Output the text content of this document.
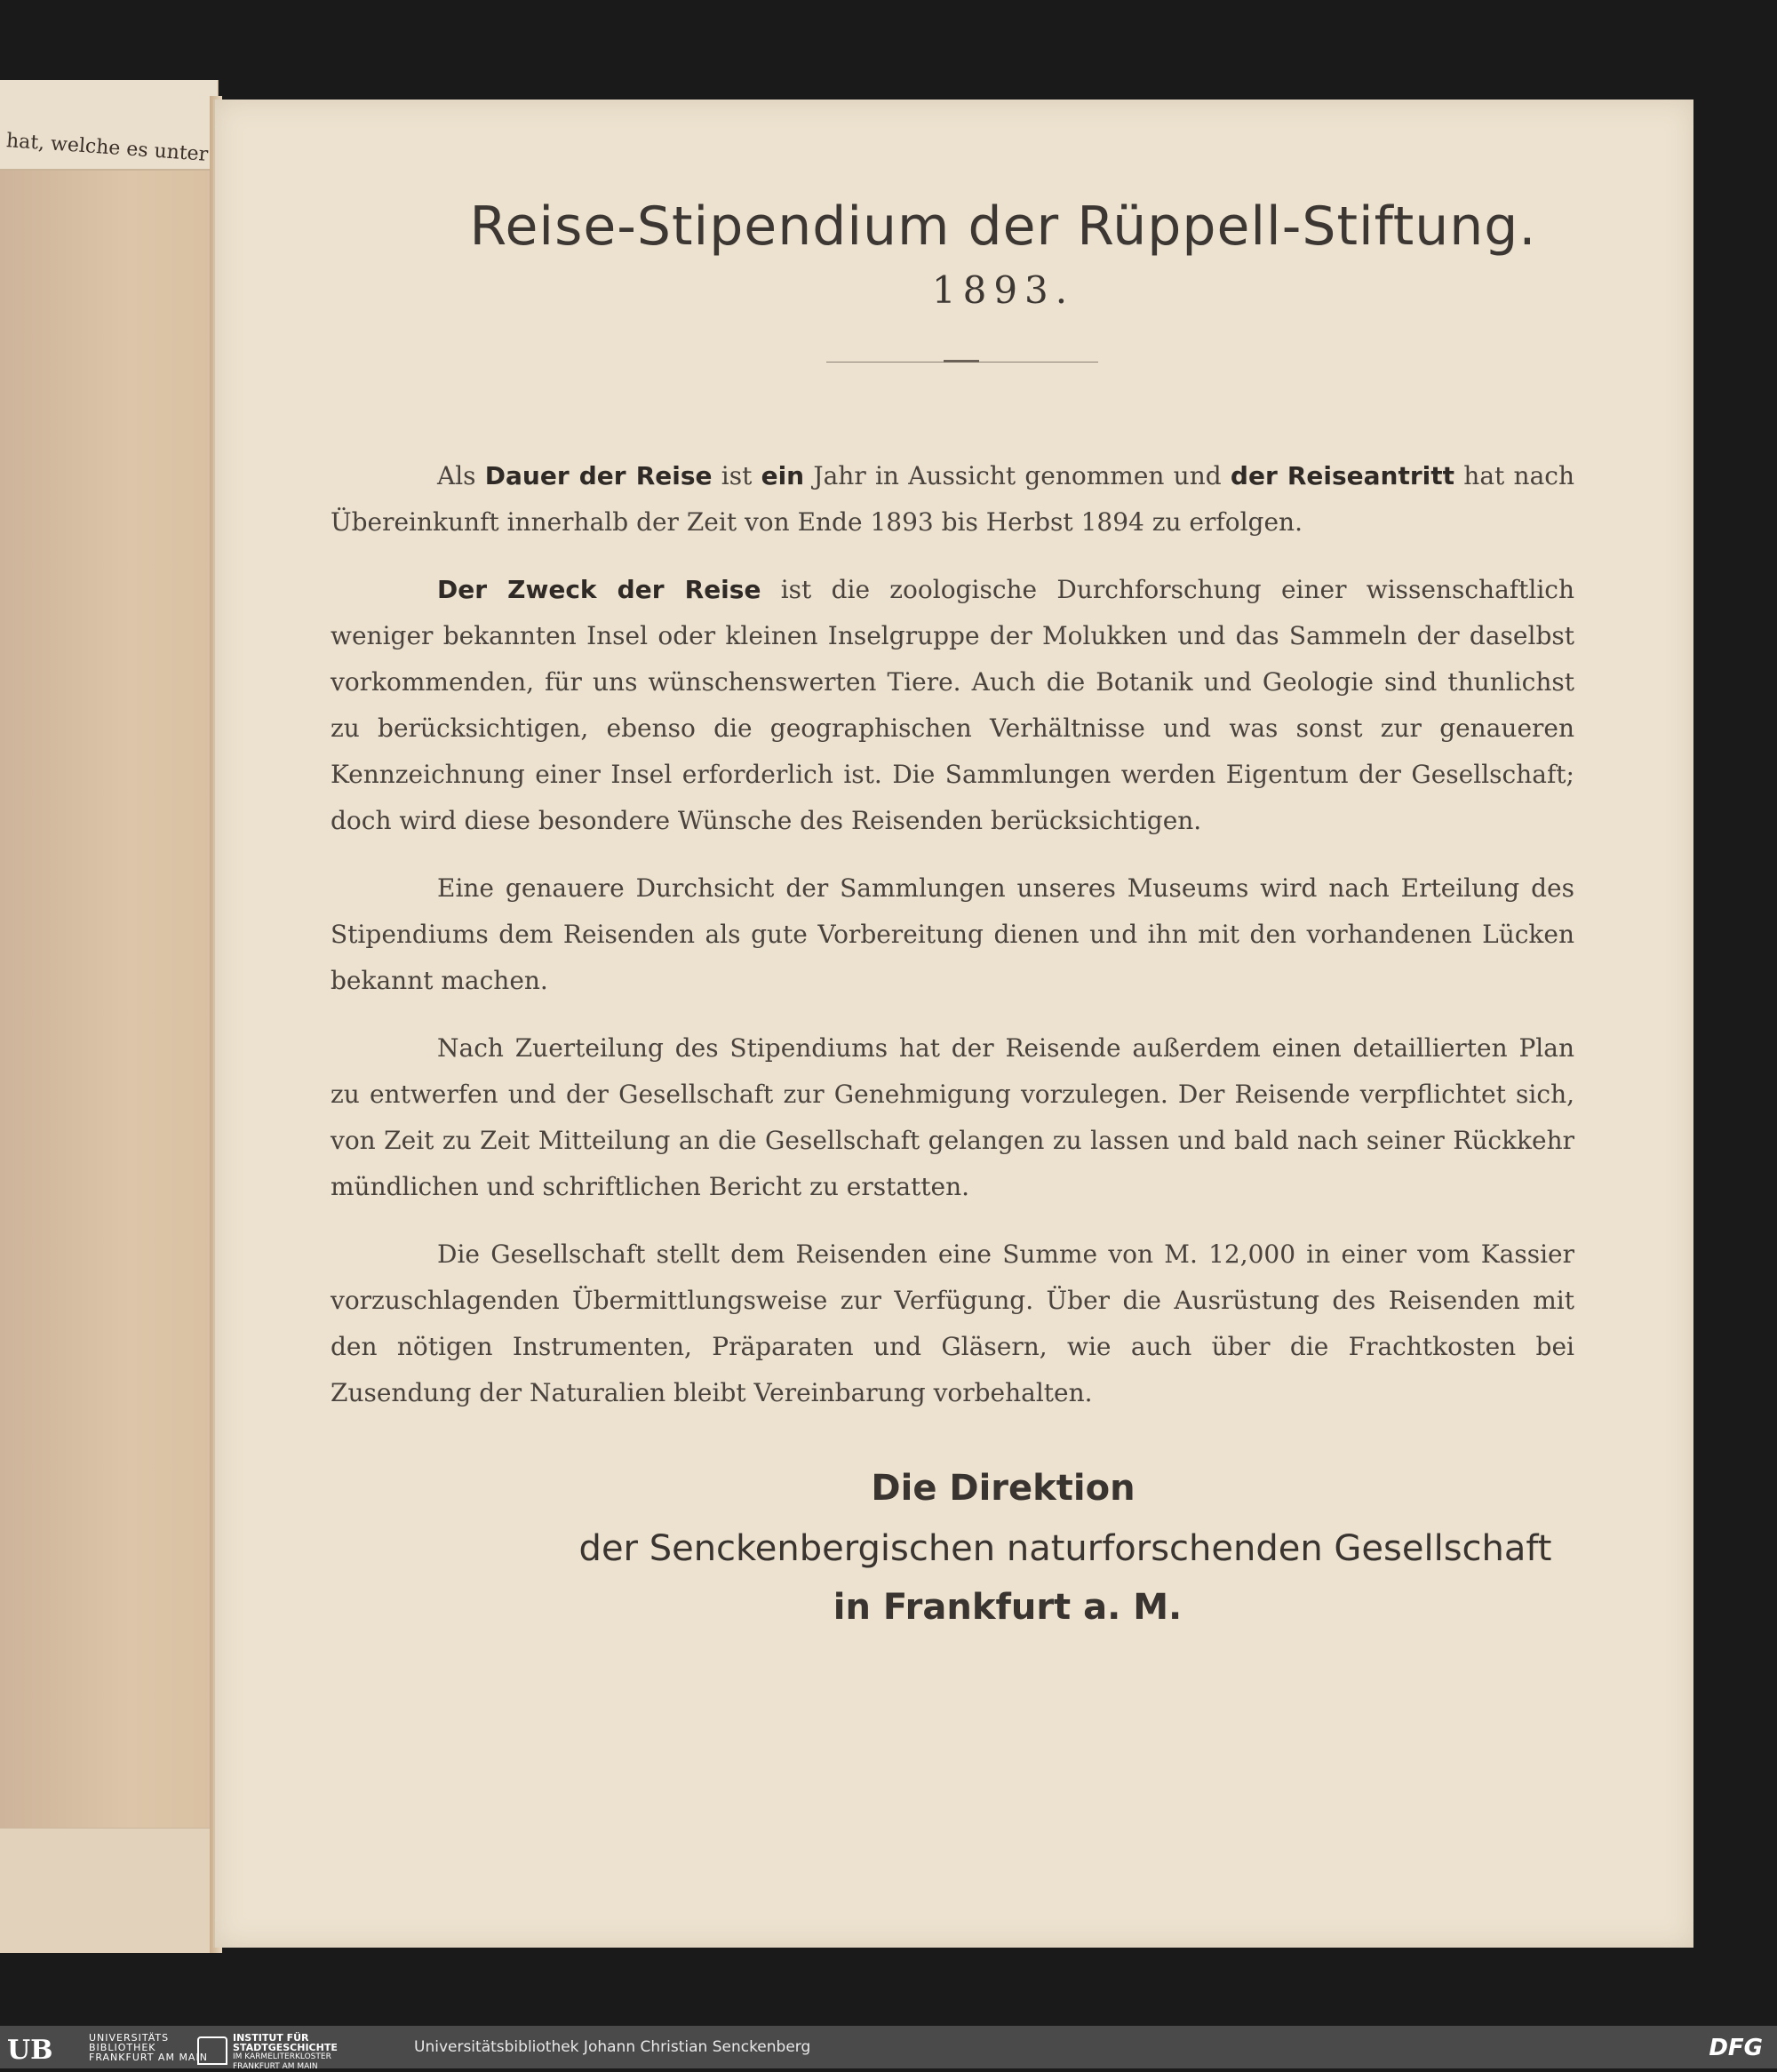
hat, welche es unter
Reise-Stipendium der Rüppell-Stiftung.
1893.

Als Dauer der Reise ist ein Jahr in Aussicht genommen und der Reiseantritt hat nach Übereinkunft innerhalb der Zeit von Ende 1893 bis Herbst 1894 zu erfolgen.

Der Zweck der Reise ist die zoologische Durchforschung einer wissenschaftlich weniger bekannten Insel oder kleinen Inselgruppe der Molukken und das Sammeln der daselbst vorkommenden, für uns wünschenswerten Tiere. Auch die Botanik und Geologie sind thunlichst zu berücksichtigen, ebenso die geographischen Verhältnisse und was sonst zur genaueren Kennzeichnung einer Insel erforderlich ist. Die Sammlungen werden Eigentum der Gesellschaft; doch wird diese besondere Wünsche des Reisenden berücksichtigen.

Eine genauere Durchsicht der Sammlungen unseres Museums wird nach Erteilung des Stipendiums dem Reisenden als gute Vorbereitung dienen und ihn mit den vorhandenen Lücken bekannt machen.

Nach Zuerteilung des Stipendiums hat der Reisende außerdem einen detaillierten Plan zu entwerfen und der Gesellschaft zur Genehmigung vorzulegen. Der Reisende verpflichtet sich, von Zeit zu Zeit Mitteilung an die Gesellschaft gelangen zu lassen und bald nach seiner Rückkehr mündlichen und schriftlichen Bericht zu erstatten.

Die Gesellschaft stellt dem Reisenden eine Summe von M. 12,000 in einer vom Kassier vorzuschlagenden Übermittlungsweise zur Verfügung. Über die Ausrüstung des Reisenden mit den nötigen Instrumenten, Präparaten und Gläsern, wie auch über die Frachtkosten bei Zusendung der Naturalien bleibt Vereinbarung vorbehalten.

Die Direktion
der Senckenbergischen naturforschenden Gesellschaft
in Frankfurt a. M.
UB	UNIVERSITÄTS
BIBLIOTHEK
FRANKFURT AM MAIN
INSTITUT FÜR
STADTGESCHICHTE
IM KARMELITERKLOSTER
FRANKFURT AM MAIN
Universitätsbibliothek Johann Christian Senckenberg	DFG
